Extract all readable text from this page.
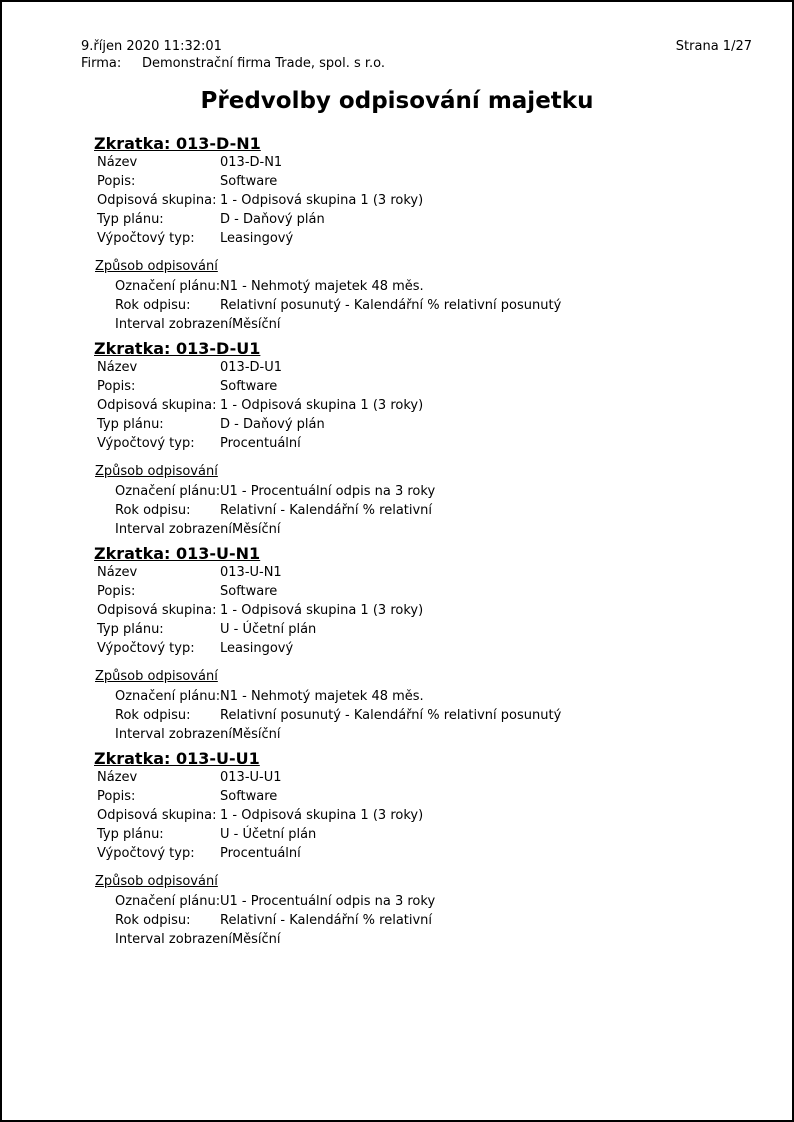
9.říjen 2020 11:32:01	Strana 1/27
Firma:	Demonstrační firma Trade, spol. s r.o.
Předvolby odpisování majetku
Zkratka: 013-D-N1
Název	013-D-N1
Popis:	Software
Odpisová skupina: 1 - Odpisová skupina 1 (3 roky)
Typ plánu:	D - Daňový plán
Výpočtový typ:	Leasingový
Způsob odpisování
Označení plánu: N1 - Nehmotý majetek 48 měs.
Rok odpisu:	Relativní posunutý - Kalendářní % relativní posunutý
Interval zobrazení Měsíční
Zkratka: 013-D-U1
Název	013-D-U1
Popis:	Software
Odpisová skupina: 1 - Odpisová skupina 1 (3 roky)
Typ plánu:	D - Daňový plán
Výpočtový typ:	Procentuální
Způsob odpisování
Označení plánu: U1 - Procentuální odpis na 3 roky
Rok odpisu:	Relativní - Kalendářní % relativní
Interval zobrazení Měsíční
Zkratka: 013-U-N1
Název	013-U-N1
Popis:	Software
Odpisová skupina: 1 - Odpisová skupina 1 (3 roky)
Typ plánu:	U - Účetní plán
Výpočtový typ:	Leasingový
Způsob odpisování
Označení plánu: N1 - Nehmotý majetek 48 měs.
Rok odpisu:	Relativní posunutý - Kalendářní % relativní posunutý
Interval zobrazení Měsíční
Zkratka: 013-U-U1
Název	013-U-U1
Popis:	Software
Odpisová skupina: 1 - Odpisová skupina 1 (3 roky)
Typ plánu:	U - Účetní plán
Výpočtový typ:	Procentuální
Způsob odpisování
Označení plánu: U1 - Procentuální odpis na 3 roky
Rok odpisu:	Relativní - Kalendářní % relativní
Interval zobrazení Měsíční
